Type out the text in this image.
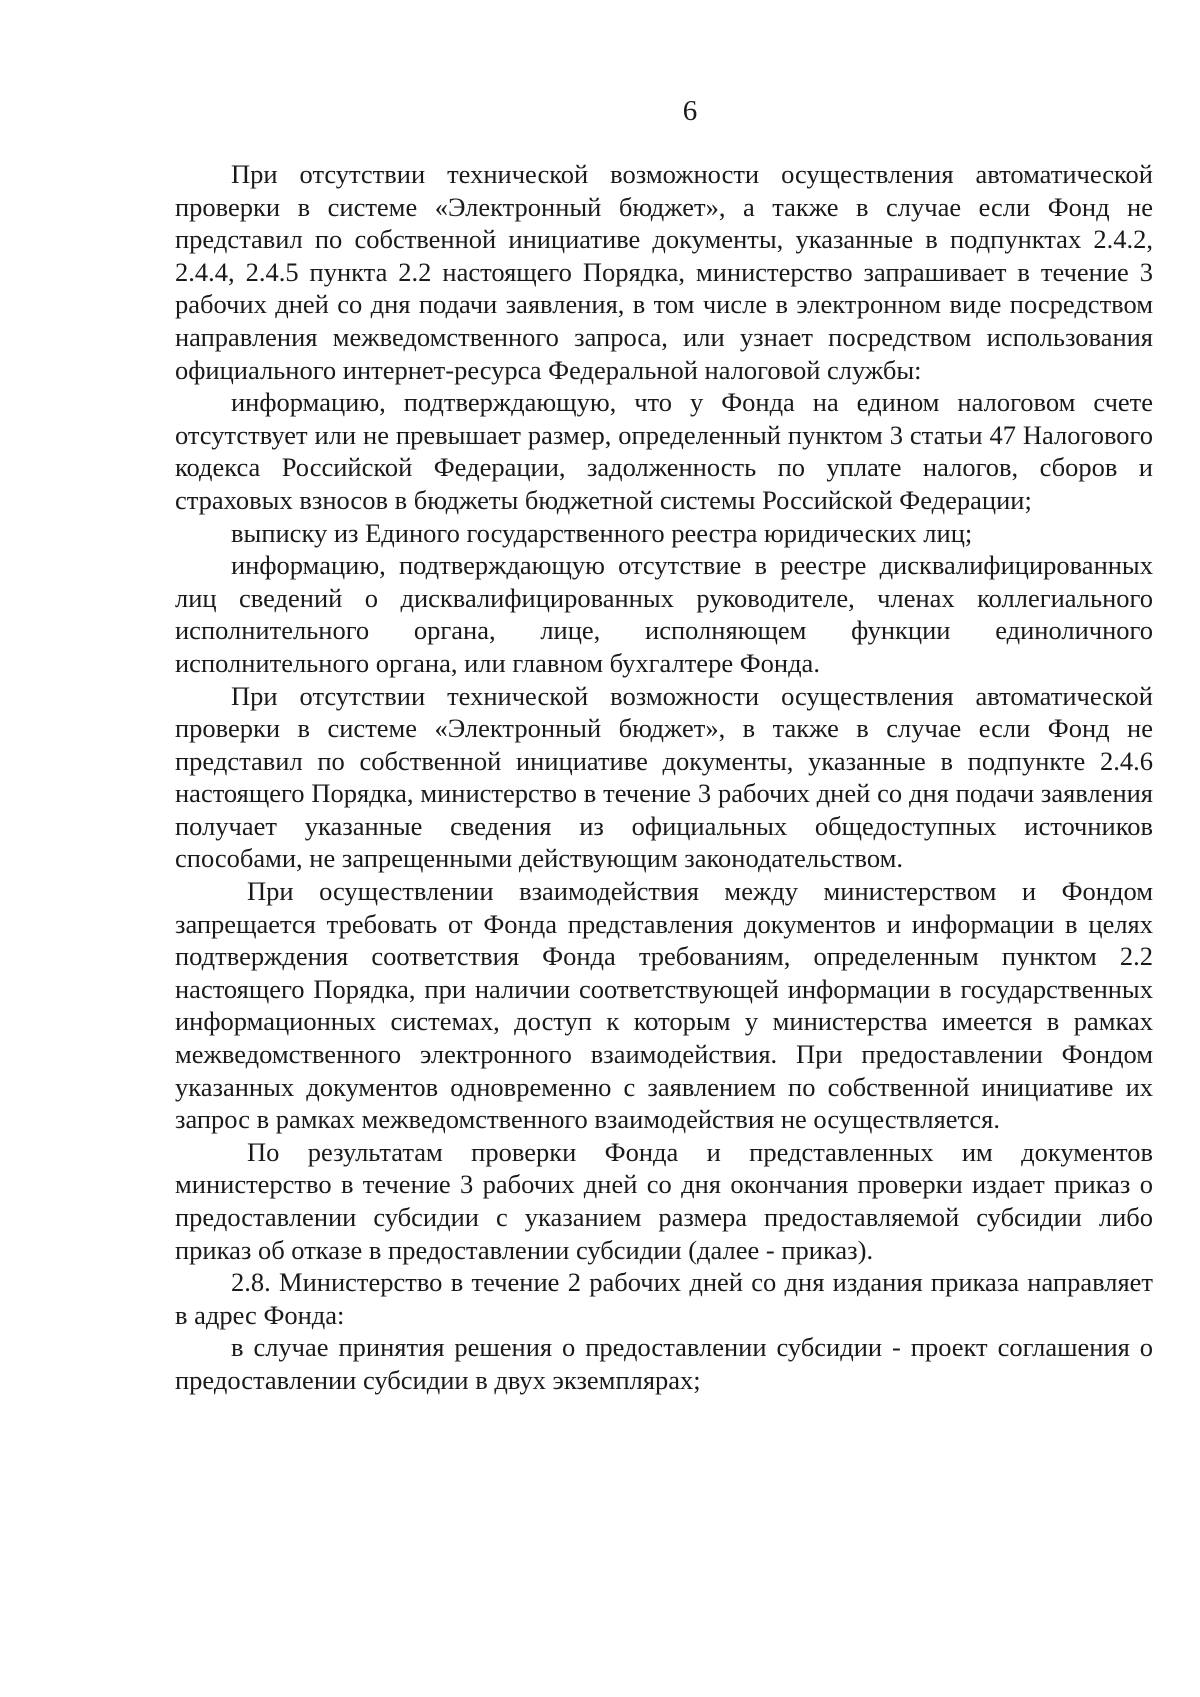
6

При отсутствии технической возможности осуществления автоматической проверки в системе «Электронный бюджет», а также в случае если Фонд не представил по собственной инициативе документы, указанные в подпунктах 2.4.2, 2.4.4, 2.4.5 пункта 2.2 настоящего Порядка, министерство запрашивает в течение 3 рабочих дней со дня подачи заявления, в том числе в электронном виде посредством направления межведомственного запроса, или узнает посредством использования официального интернет-ресурса Федеральной налоговой службы:

информацию, подтверждающую, что у Фонда на едином налоговом счете отсутствует или не превышает размер, определенный пунктом 3 статьи 47 Налогового кодекса Российской Федерации, задолженность по уплате налогов, сборов и страховых взносов в бюджеты бюджетной системы Российской Федерации;

выписку из Единого государственного реестра юридических лиц;

информацию, подтверждающую отсутствие в реестре дисквалифицированных лиц сведений о дисквалифицированных руководителе, членах коллегиального исполнительного органа, лице, исполняющем функции единоличного исполнительного органа, или главном бухгалтере Фонда.

При отсутствии технической возможности осуществления автоматической проверки в системе «Электронный бюджет», в также в случае если Фонд не представил по собственной инициативе документы, указанные в подпункте 2.4.6 настоящего Порядка, министерство в течение 3 рабочих дней со дня подачи заявления получает указанные сведения из официальных общедоступных источников способами, не запрещенными действующим законодательством.

При осуществлении взаимодействия между министерством и Фондом запрещается требовать от Фонда представления документов и информации в целях подтверждения соответствия Фонда требованиям, определенным пунктом 2.2 настоящего Порядка, при наличии соответствующей информации в государственных информационных системах, доступ к которым у министерства имеется в рамках межведомственного электронного взаимодействия. При предоставлении Фондом указанных документов одновременно с заявлением по собственной инициативе их запрос в рамках межведомственного взаимодействия не осуществляется.

По результатам проверки Фонда и представленных им документов министерство в течение 3 рабочих дней со дня окончания проверки издает приказ о предоставлении субсидии с указанием размера предоставляемой субсидии либо приказ об отказе в предоставлении субсидии (далее - приказ).

2.8. Министерство в течение 2 рабочих дней со дня издания приказа направляет в адрес Фонда:

в случае принятия решения о предоставлении субсидии - проект соглашения о предоставлении субсидии в двух экземплярах;
